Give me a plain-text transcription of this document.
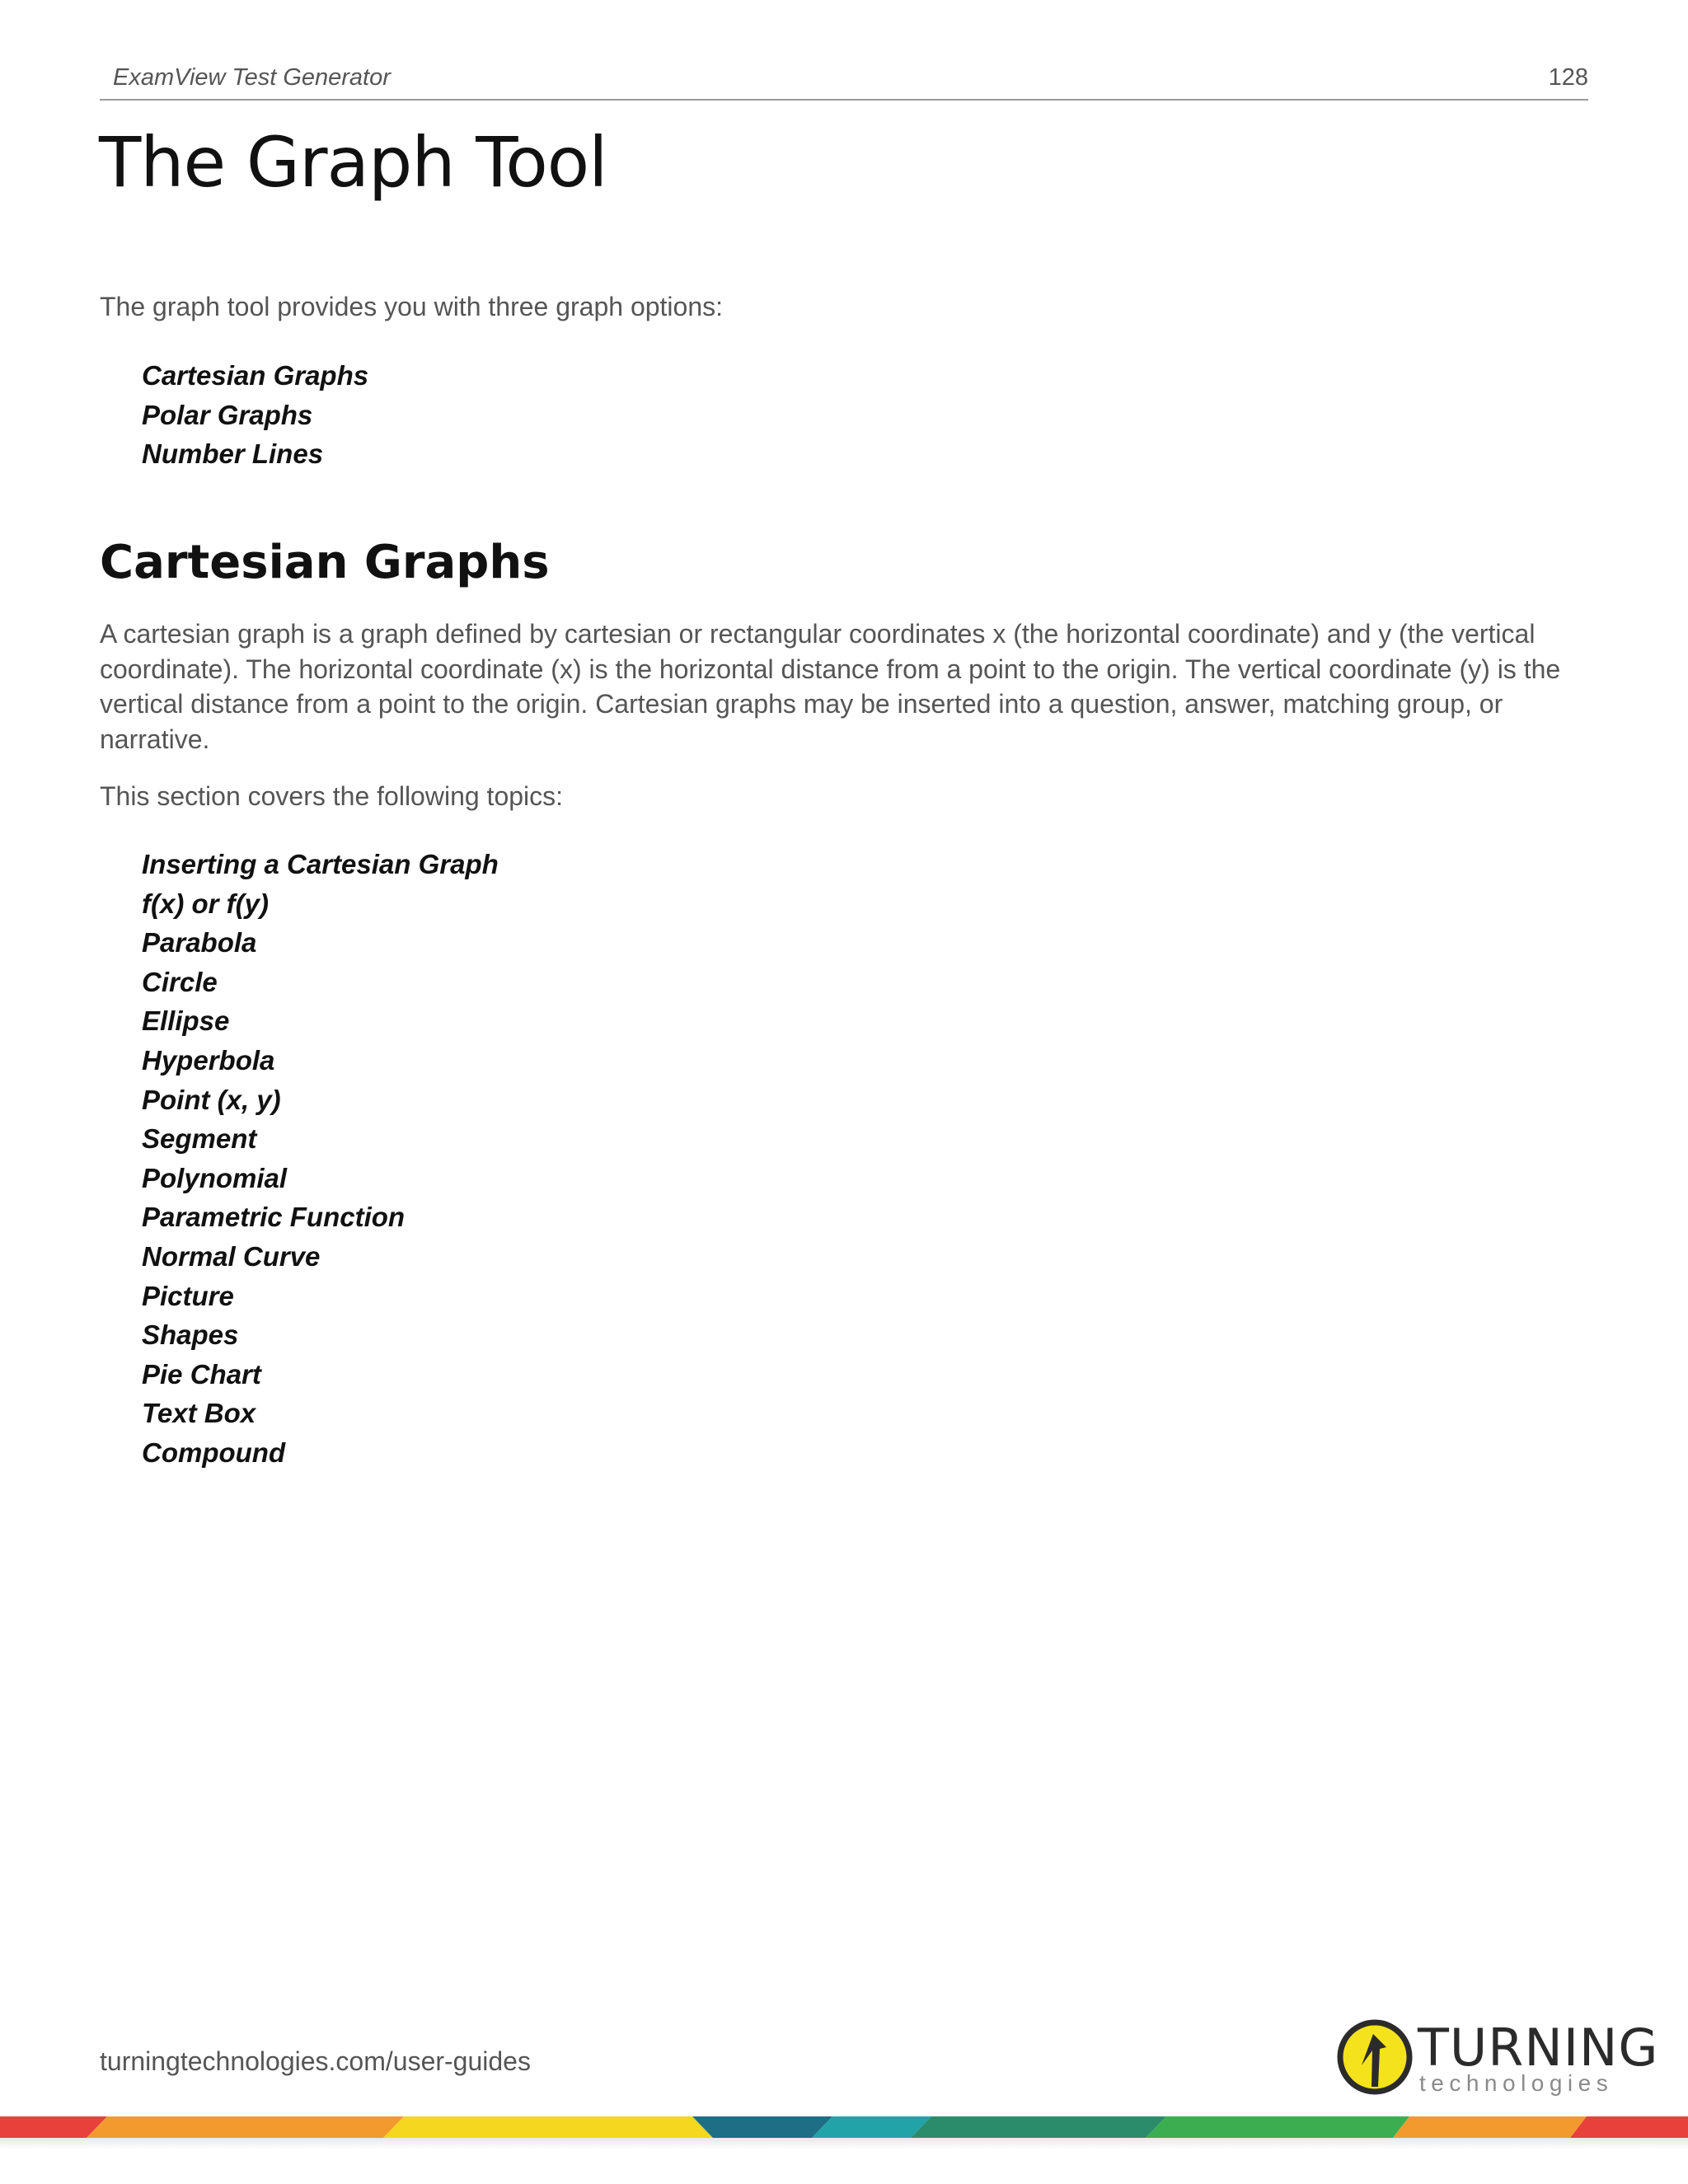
ExamView Test Generator	128
The Graph Tool

The graph tool provides you with three graph options:

Cartesian Graphs
Polar Graphs
Number Lines
Cartesian Graphs

A cartesian graph is a graph defined by cartesian or rectangular coordinates x (the horizontal coordinate) and y (the vertical coordinate). The horizontal coordinate (x) is the horizontal distance from a point to the origin. The vertical coordinate (y) is the vertical distance from a point to the origin. Cartesian graphs may be inserted into a question, answer, matching group, or narrative.

This section covers the following topics:

Inserting a Cartesian Graph
f(x) or f(y)
Parabola
Circle
Ellipse
Hyperbola
Point (x, y)
Segment
Polynomial
Parametric Function
Normal Curve
Picture
Shapes
Pie Chart
Text Box
Compound
turningtechnologies.com/user-guides	TURNING
technologies
